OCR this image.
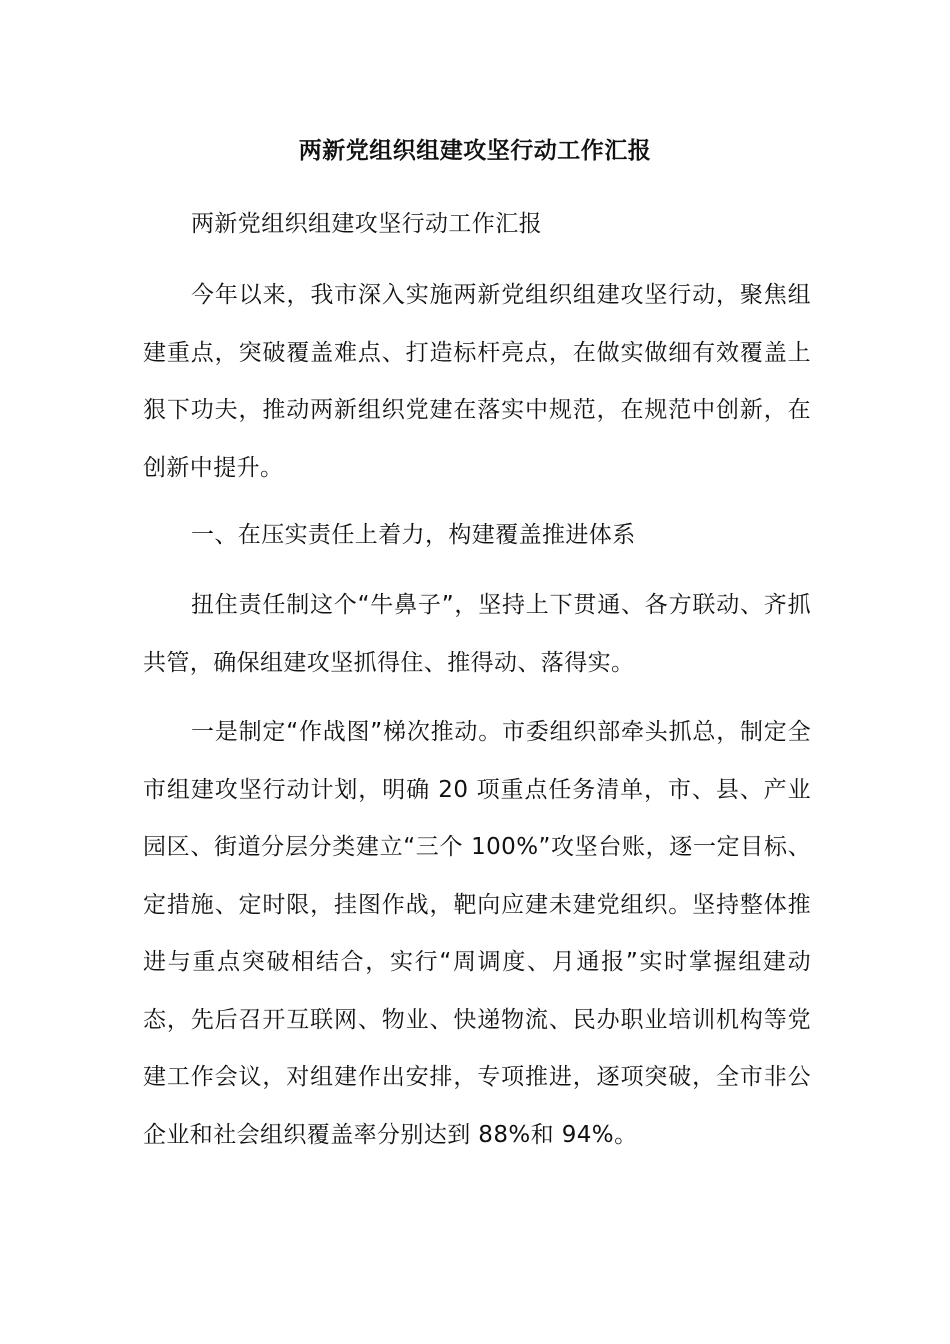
两新党组织组建攻坚行动工作汇报

两新党组织组建攻坚行动工作汇报

今年以来，我市深入实施两新党组织组建攻坚行动，聚焦组建重点，突破覆盖难点、打造标杆亮点，在做实做细有效覆盖上狠下功夫，推动两新组织党建在落实中规范，在规范中创新，在创新中提升。

一、在压实责任上着力，构建覆盖推进体系

扭住责任制这个“牛鼻子”，坚持上下贯通、各方联动、齐抓共管，确保组建攻坚抓得住、推得动、落得实。

一是制定“作战图”梯次推动。市委组织部牵头抓总，制定全市组建攻坚行动计划，明确 20 项重点任务清单，市、县、产业园区、街道分层分类建立“三个 100%”攻坚台账，逐一定目标、定措施、定时限，挂图作战，靶向应建未建党组织。坚持整体推进与重点突破相结合，实行“周调度、月通报”实时掌握组建动态，先后召开互联网、物业、快递物流、民办职业培训机构等党建工作会议，对组建作出安排，专项推进，逐项突破，全市非公企业和社会组织覆盖率分别达到 88%和 94%。
